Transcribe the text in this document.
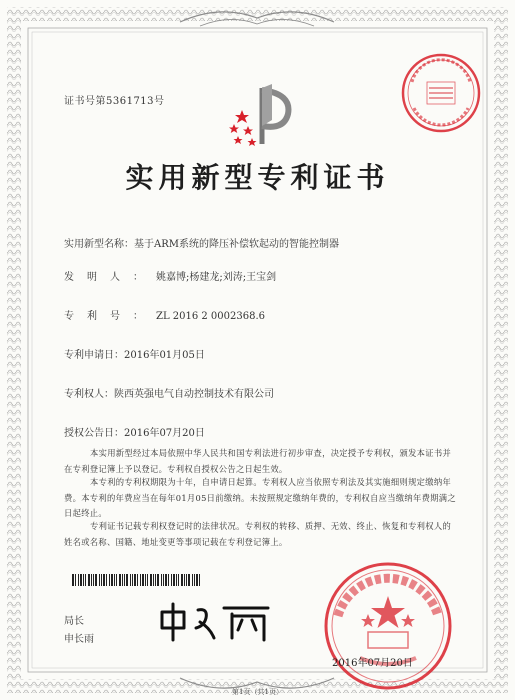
证书号第5361713号
实用新型专利证书
实用新型名称：基于ARM系统的降压补偿软起动的智能控制器
发明人：姚嘉博;杨建龙;刘涛;王宝剑
专利号：ZL 2016 2 0002368.6
专利申请日：2016年01月05日
专利权人：陕西英强电气自动控制技术有限公司
授权公告日：2016年07月20日
本实用新型经过本局依照中华人民共和国专利法进行初步审查，决定授予专利权，颁发本证书并在专利登记簿上予以登记。专利权自授权公告之日起生效。
本专利的专利权期限为十年，自申请日起算。专利权人应当依照专利法及其实施细则规定缴纳年费。本专利的年费应当在每年01月05日前缴纳。未按照规定缴纳年费的，专利权自应当缴纳年费期满之日起终止。
专利证书记载专利权登记时的法律状况。专利权的转移、质押、无效、终止、恢复和专利权人的姓名或名称、国籍、地址变更等事项记载在专利登记簿上。
局长
申长雨
2016年07月20日
第1页（共1页）
